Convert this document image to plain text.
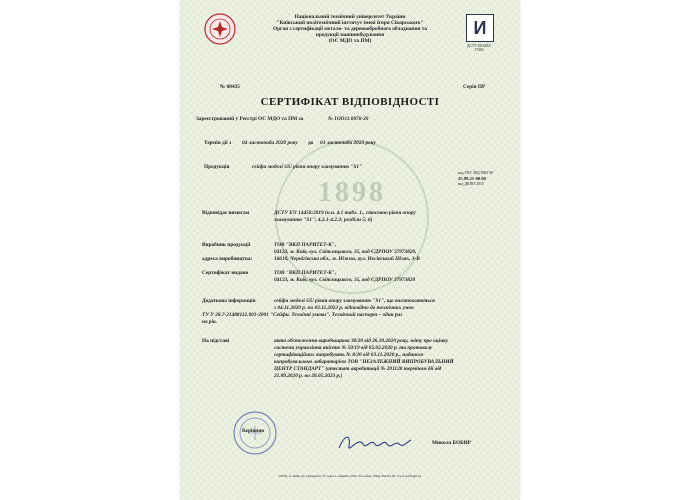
1898
Національний технічний університет України
"Київський політехнічний інститут імені Ігоря Сікорського"
Орган з сертифікації метало- та деревообробного обладнання та
продукції машинобудування
(ОС МДО та ПМ)
И
ДСТУ ISO/IEC
17065
№ 00435	Серія ПР
СЕРТИФІКАТ ВІДПОВІДНОСТІ
Зареєстрований у Реєстрі ОС МДО та ПМ за	№ 1ОО11.0076-20
Термін дії з 04 листопада 2020 року до 03 листопада 2023 року
Продукція	сейфи моделі GU рівня опору зламуванню "S1"
код УКТ ЗЕД 8303 00
25.99.21-00.00
код ДКПП-2015
Відповідає вимогам	ДСТУ EN 14450:2019 (п.п. 4.1 табл. 1., стосовно рівня опору
зламуванню "S1"; 4.2.1-4.2.3; розділи 5; 6)
Виробник продукції	ТОВ "ВКП ПАРИТЕТ-К",
04123, м. Київ, вул. Світлицького, 35, код ЄДРПОУ 37973820,
адреса виробництва:	16610, Чернігівська обл., м. Ніжин, вул. Носівський Шлях, 3-В
Сертифікат видано	ТОВ "ВКП ПАРИТЕТ-К",
04123, м. Київ, вул. Світлицького, 35, код ЄДРПОУ 37973820
Додаткова інформація	сейфи моделі GU рівня опору зламуванню "S1", що виготовляються
з 04.11.2020 р. по 03.11.2023 р. відповідно до технічних умов
ТУ У 28.7-21488112.001-2001 "Сейфи. Технічні умови". Технічний паспорт – один раз
на рік.
На підставі	акта обстеження виробництва 30/20 від 26.10.2020 року, звіту про оцінку
системи управління якістю № 50/19 від 05.02.2020 р. та протоколу
сертифікаційних випробувань № 8/20 від 03.11.2020 р., наданого
випробувальною лабораторією ТОВ "НЕЗАЛЕЖНИЙ ВИПРОБУВАЛЬНИЙ
ЦЕНТР СТАНДАРТ" (атестат акредитації № 201128 терміном дії від
21.09.2020 р. по 28.05.2023 р.)
Керівник
Микола БОБИР
03056, м. Київ, пр. Перемоги, 37, корп.1, кімната 234а. Тел./факс (044) 204-82-59, www.certif.kpi.ua
